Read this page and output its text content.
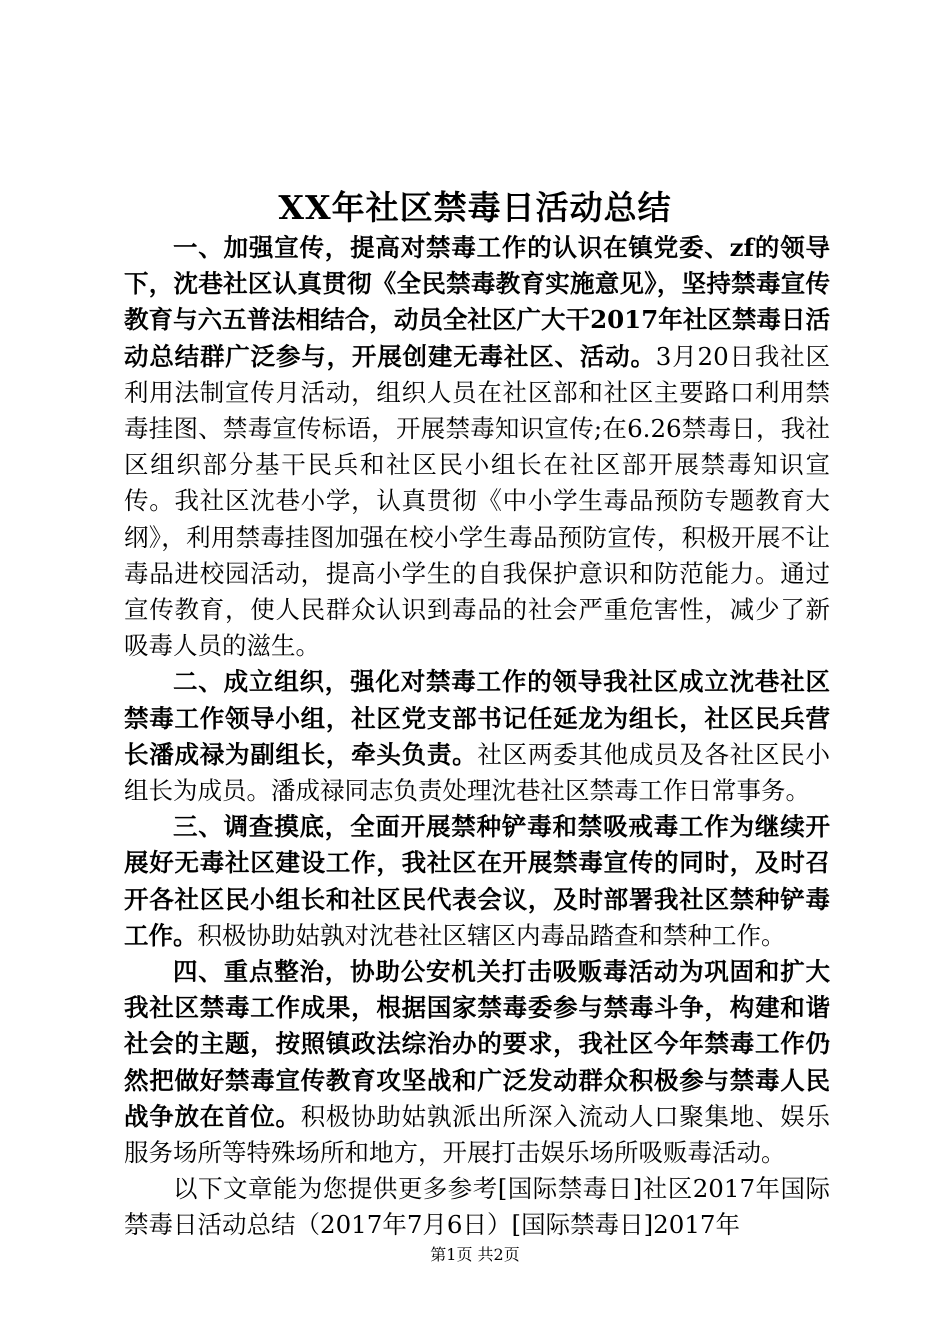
XX年社区禁毒日活动总结

一、加强宣传，提高对禁毒工作的认识在镇党委、zf的领导下，沈巷社区认真贯彻《全民禁毒教育实施意见》，坚持禁毒宣传教育与六五普法相结合，动员全社区广大干2017年社区禁毒日活动总结群广泛参与，开展创建无毒社区、活动。3月20日我社区利用法制宣传月活动，组织人员在社区部和社区主要路口利用禁毒挂图、禁毒宣传标语，开展禁毒知识宣传;在6.26禁毒日，我社区组织部分基干民兵和社区民小组长在社区部开展禁毒知识宣传。我社区沈巷小学，认真贯彻《中小学生毒品预防专题教育大纲》，利用禁毒挂图加强在校小学生毒品预防宣传，积极开展不让毒品进校园活动，提高小学生的自我保护意识和防范能力。通过宣传教育，使人民群众认识到毒品的社会严重危害性，减少了新吸毒人员的滋生。

二、成立组织，强化对禁毒工作的领导我社区成立沈巷社区禁毒工作领导小组，社区党支部书记任延龙为组长，社区民兵营长潘成禄为副组长，牵头负责。社区两委其他成员及各社区民小组长为成员。潘成禄同志负责处理沈巷社区禁毒工作日常事务。

三、调查摸底，全面开展禁种铲毒和禁吸戒毒工作为继续开展好无毒社区建设工作，我社区在开展禁毒宣传的同时，及时召开各社区民小组长和社区民代表会议，及时部署我社区禁种铲毒工作。积极协助姑孰对沈巷社区辖区内毒品踏查和禁种工作。

四、重点整治，协助公安机关打击吸贩毒活动为巩固和扩大我社区禁毒工作成果，根据国家禁毒委参与禁毒斗争，构建和谐社会的主题，按照镇政法综治办的要求，我社区今年禁毒工作仍然把做好禁毒宣传教育攻坚战和广泛发动群众积极参与禁毒人民战争放在首位。积极协助姑孰派出所深入流动人口聚集地、娱乐服务场所等特殊场所和地方，开展打击娱乐场所吸贩毒活动。

以下文章能为您提供更多参考[国际禁毒日]社区2017年国际禁毒日活动总结（2017年7月6日）[国际禁毒日]2017年

第1页 共2页
